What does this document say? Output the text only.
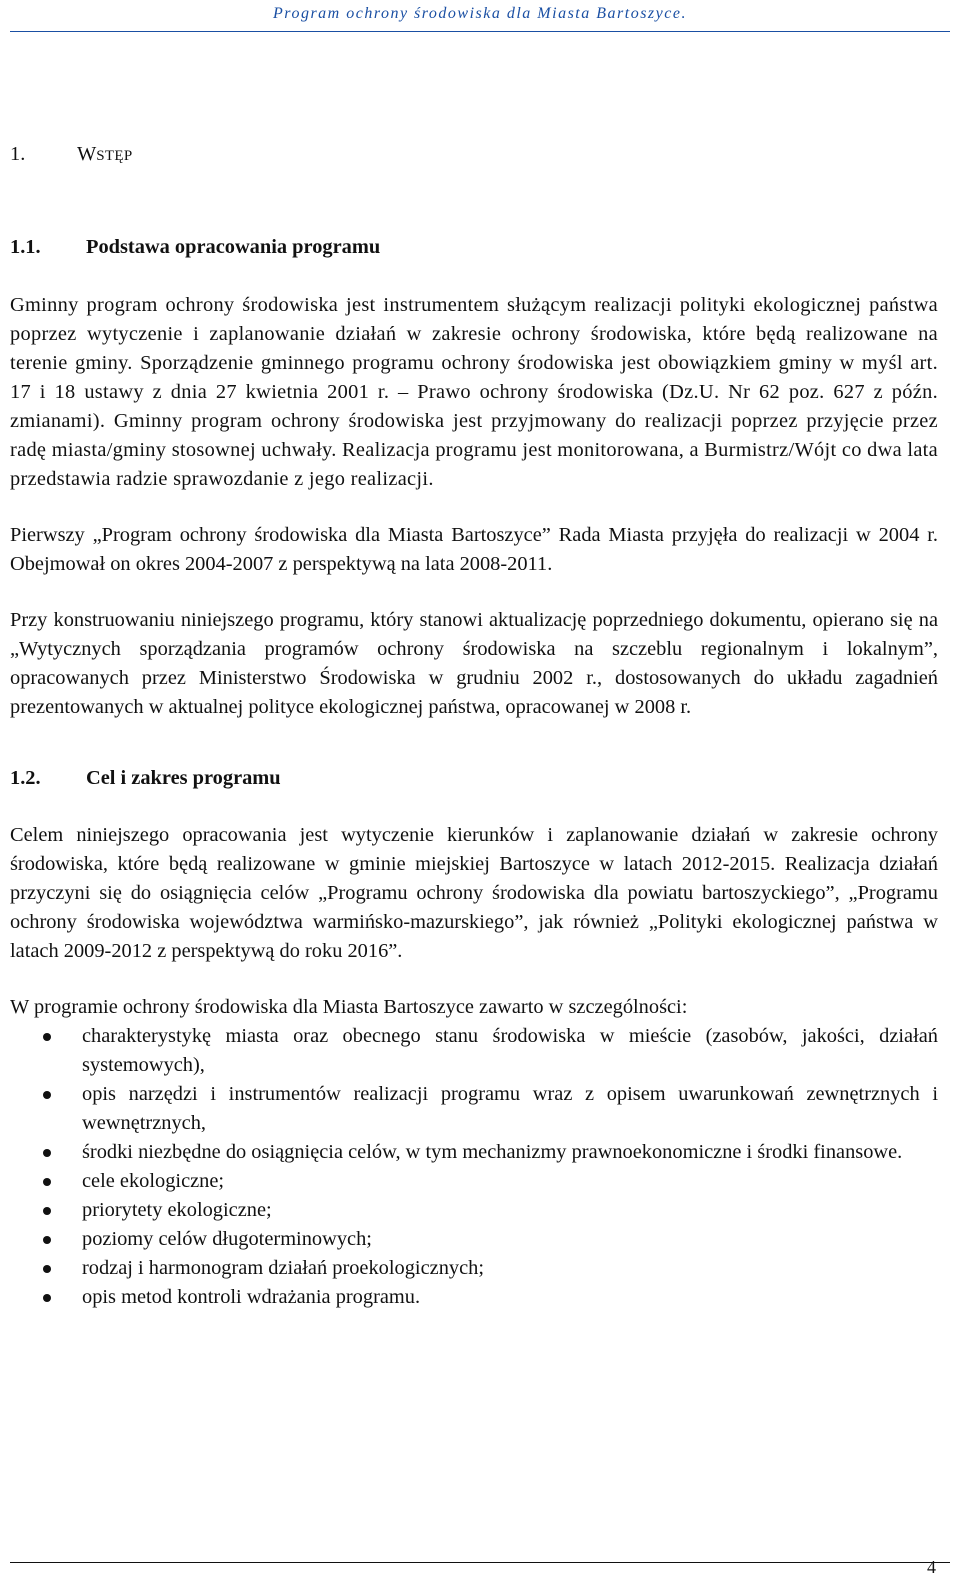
Program ochrony środowiska dla Miasta Bartoszyce.
1.	WSTĘP
1.1.	Podstawa opracowania programu

Gminny program ochrony środowiska jest instrumentem służącym realizacji polityki ekologicznej państwa poprzez wytyczenie i zaplanowanie działań w zakresie ochrony środowiska, które będą realizowane na terenie gminy. Sporządzenie gminnego programu ochrony środowiska jest obowiązkiem gminy w myśl art. 17 i 18 ustawy z dnia 27 kwietnia 2001 r. – Prawo ochrony środowiska (Dz.U. Nr 62 poz. 627 z późn. zmianami). Gminny program ochrony środowiska jest przyjmowany do realizacji poprzez przyjęcie przez radę miasta/gminy stosownej uchwały. Realizacja programu jest monitorowana, a Burmistrz/Wójt co dwa lata przedstawia radzie sprawozdanie z jego realizacji.

Pierwszy „Program ochrony środowiska dla Miasta Bartoszyce” Rada Miasta przyjęła do realizacji w 2004 r. Obejmował on okres 2004-2007 z perspektywą na lata 2008-2011.

Przy konstruowaniu niniejszego programu, który stanowi aktualizację poprzedniego dokumentu, opierano się na „Wytycznych sporządzania programów ochrony środowiska na szczeblu regionalnym i lokalnym”, opracowanych przez Ministerstwo Środowiska w grudniu 2002 r., dostosowanych do układu zagadnień prezentowanych w aktualnej polityce ekologicznej państwa, opracowanej w 2008 r.

1.2.	Cel i zakres programu

Celem niniejszego opracowania jest wytyczenie kierunków i zaplanowanie działań w zakresie ochrony środowiska, które będą realizowane w gminie miejskiej Bartoszyce w latach 2012-2015. Realizacja działań przyczyni się do osiągnięcia celów „Programu ochrony środowiska dla powiatu bartoszyckiego”, „Programu ochrony środowiska województwa warmińsko-mazurskiego”, jak również „Polityki ekologicznej państwa w latach 2009-2012 z perspektywą do roku 2016”.

W programie ochrony środowiska dla Miasta Bartoszyce zawarto w szczególności:

charakterystykę miasta oraz obecnego stanu środowiska w mieście (zasobów, jakości, działań systemowych),
opis narzędzi i instrumentów realizacji programu wraz z opisem uwarunkowań zewnętrznych i wewnętrznych,
środki niezbędne do osiągnięcia celów, w tym mechanizmy prawnoekonomiczne i środki finansowe.
cele ekologiczne;
priorytety ekologiczne;
poziomy celów długoterminowych;
rodzaj i harmonogram działań proekologicznych;
opis metod kontroli wdrażania programu.
4
